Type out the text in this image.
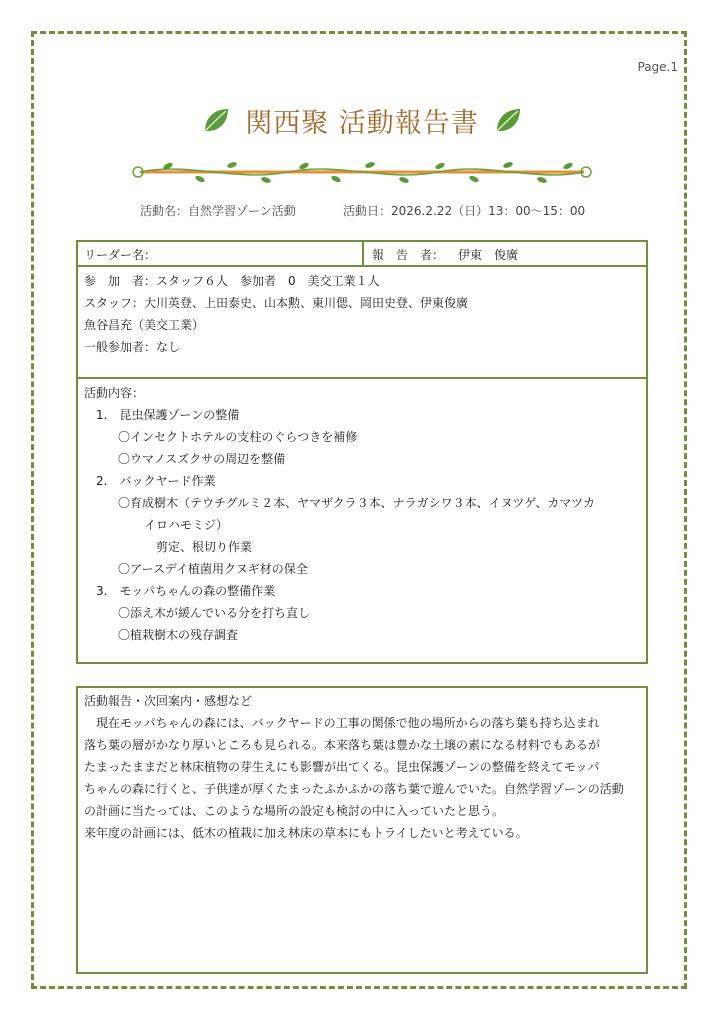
Page.1
関西聚 活動報告書
活動名：自然学習ゾーン活動	活動日：2026.2.22（日）13：00～15：00
リーダー名：	報　告　者： 伊東　俊廣
参　加　者：スタッフ６人　参加者　0　美交工業１人
スタッフ：大川英登、上田泰史、山本勲、東川偲、岡田史登、伊東俊廣
魚谷昌充（美交工業）
一般参加者：なし
活動内容：
1.　昆虫保護ゾーンの整備
〇インセクトホテルの支柱のぐらつきを補修
〇ウマノスズクサの周辺を整備
2.　バックヤード作業
〇育成樹木（テウチグルミ２本、ヤマザクラ３本、ナラガシワ３本、イヌツゲ、カマツカ
イロハモミジ）
剪定、根切り作業
〇アースデイ植菌用クヌギ材の保全
3.　モッパちゃんの森の整備作業
〇添え木が緩んでいる分を打ち直し
〇植栽樹木の残存調査
活動報告・次回案内・感想など
現在モッパちゃんの森には、バックヤードの工事の関係で他の場所からの落ち葉も持ち込まれ
落ち葉の層がかなり厚いところも見られる。本来落ち葉は豊かな土壌の素になる材料でもあるが
たまったままだと林床植物の芽生えにも影響が出てくる。昆虫保護ゾーンの整備を終えてモッパ
ちゃんの森に行くと、子供達が厚くたまったふかふかの落ち葉で遊んでいた。自然学習ゾーンの活動
の計画に当たっては、このような場所の設定も検討の中に入っていたと思う。
来年度の計画には、低木の植栽に加え林床の草本にもトライしたいと考えている。
